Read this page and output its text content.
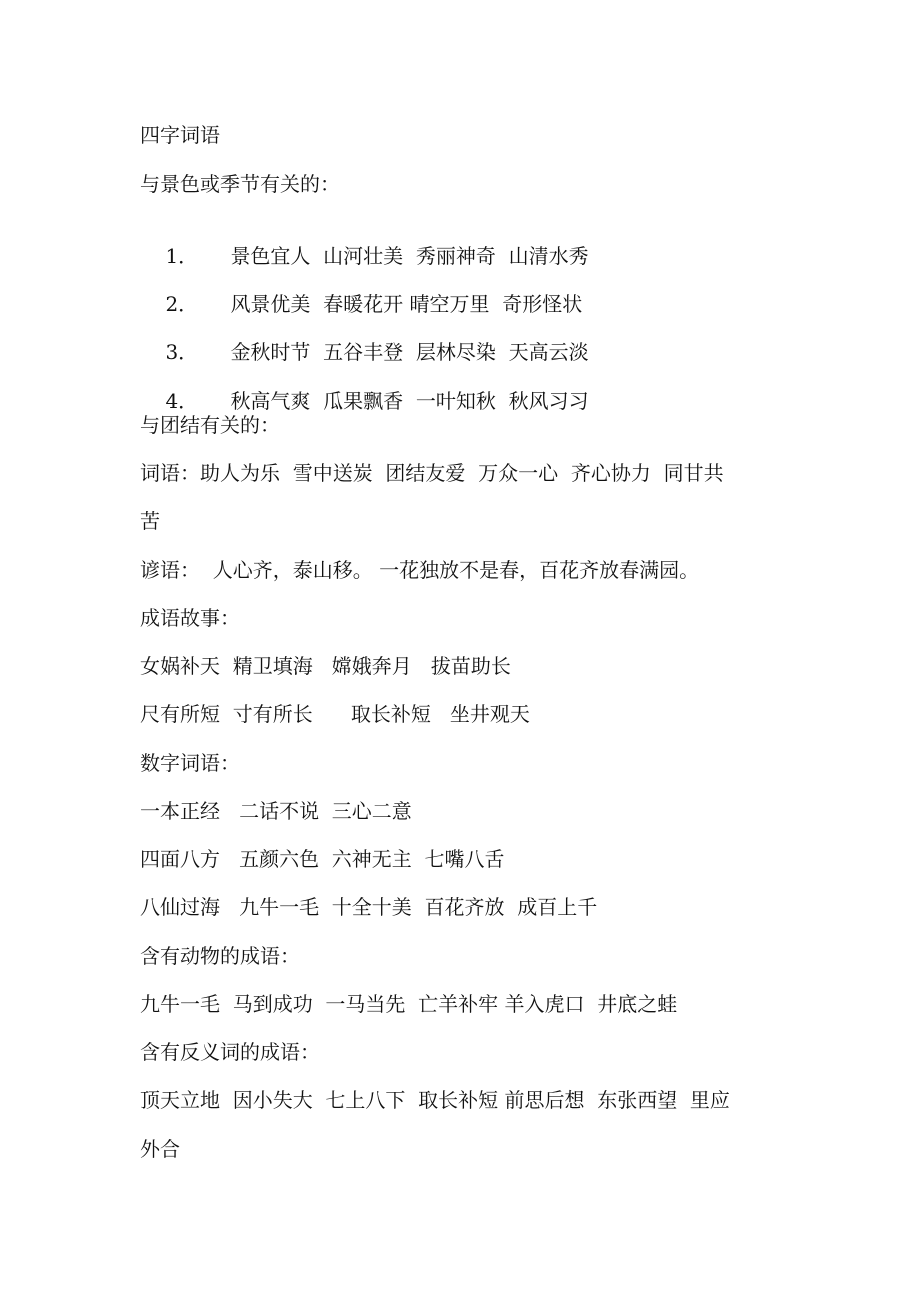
四字词语
与景色或季节有关的：

1． 景色宜人  山河壮美  秀丽神奇  山清水秀

2． 风景优美  春暖花开 晴空万里  奇形怪状

3． 金秋时节  五谷丰登  层林尽染  天高云淡

4． 秋高气爽  瓜果飘香  一叶知秋  秋风习习

与团结有关的：
词语：助人为乐  雪中送炭  团结友爱  万众一心  齐心协力  同甘共
苦
谚语：  人心齐，泰山移。 一花独放不是春，百花齐放春满园。
成语故事：
女娲补天  精卫填海   嫦娥奔月   拔苗助长
尺有所短  寸有所长      取长补短   坐井观天
数字词语：
一本正经   二话不说  三心二意
四面八方   五颜六色  六神无主  七嘴八舌
八仙过海   九牛一毛  十全十美  百花齐放  成百上千
含有动物的成语：
九牛一毛  马到成功  一马当先  亡羊补牢 羊入虎口  井底之蛙
含有反义词的成语：
顶天立地  因小失大  七上八下  取长补短 前思后想  东张西望  里应
外合
